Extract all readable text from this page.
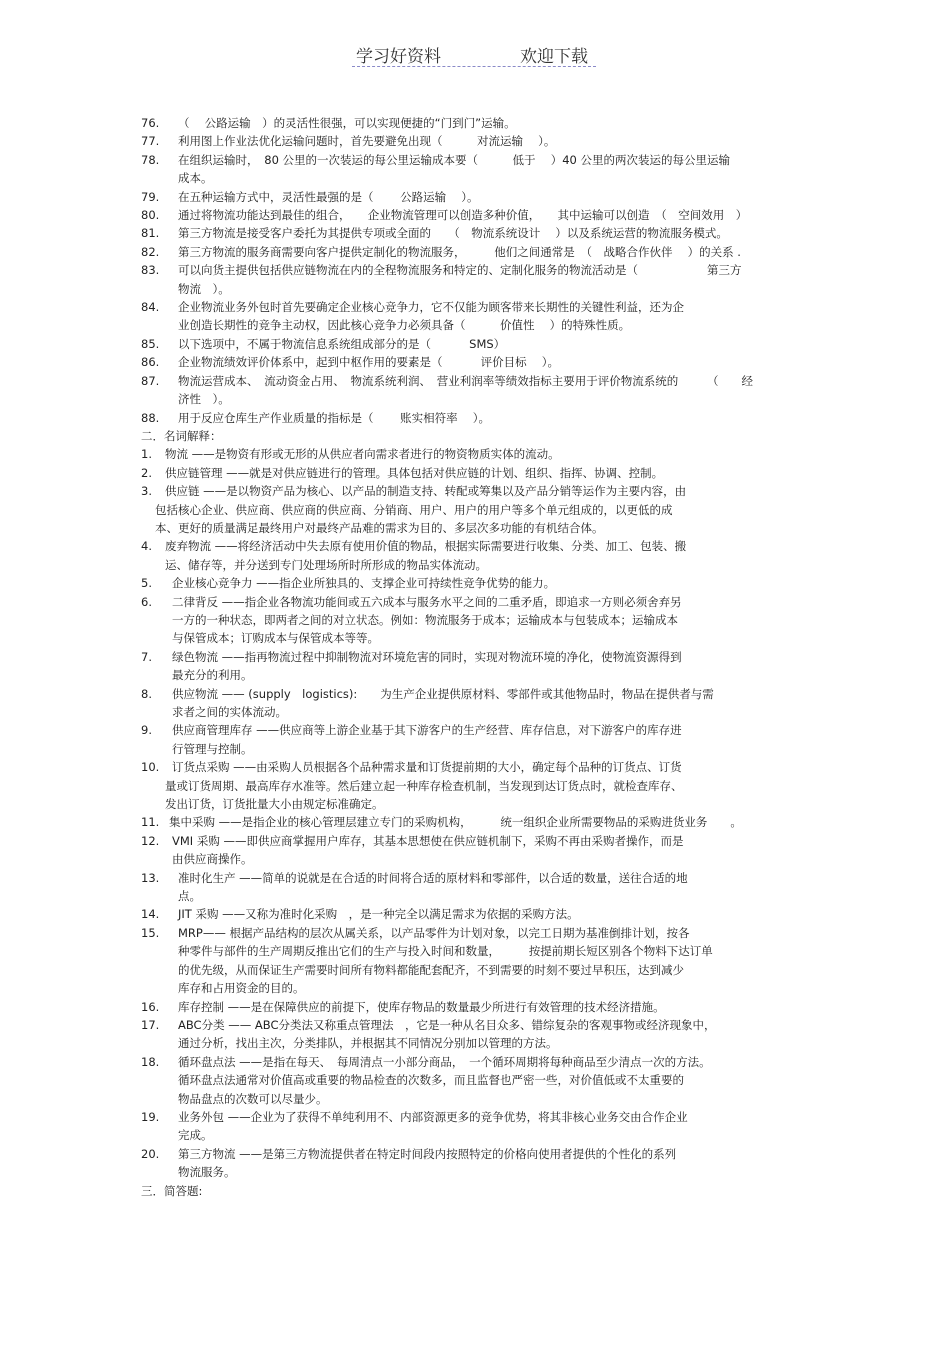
学习好资料	欢迎下载
76. （　 公路运输　）的灵活性很强，可以实现便捷的“门到门”运输。
77. 利用图上作业法优化运输问题时，首先要避免出现（　　　对流运输　 ）。
78. 在组织运输时，　80 公里的一次装运的每公里运输成本要（　　　低于　 ）40 公里的两次装运的每公里运输
成本。
79. 在五种运输方式中，灵活性最强的是（　　 公路运输　 ）。
80. 通过将物流功能达到最佳的组合，　　企业物流管理可以创造多种价值，　　其中运输可以创造　（　空间效用　）
81. 第三方物流是接受客户委托为其提供专项或全面的　　（　物流系统设计　 ）以及系统运营的物流服务模式。
82. 第三方物流的服务商需要向客户提供定制化的物流服务，　　　他们之间通常是　（　战略合作伙伴　 ）的关系 .
83. 可以向货主提供包括供应链物流在内的全程物流服务和特定的、定制化服务的物流活动是（　　　　　　第三方
物流　）。
84. 企业物流业务外包时首先要确定企业核心竞争力，它不仅能为顾客带来长期性的关键性利益，还为企
业创造长期性的竞争主动权，因此核心竞争力必须具备（　　　价值性　 ）的特殊性质。
85. 以下选项中，不属于物流信息系统组成部分的是（　　　 SMS）
86. 企业物流绩效评价体系中，起到中枢作用的要素是（　　　 评价目标　 ）。
87. 物流运营成本、　流动资金占用、　物流系统利润、　营业利润率等绩效指标主要用于评价物流系统的　　　（　　经
济性　）。
88. 用于反应仓库生产作业质量的指标是（　　 账实相符率　 ）。
二．名词解释：
1. 物流 ——是物资有形或无形的从供应者向需求者进行的物资物质实体的流动。
2. 供应链管理 ——就是对供应链进行的管理。具体包括对供应链的计划、组织、指挥、协调、控制。
3. 供应链 ——是以物资产品为核心、以产品的制造支持、转配或筹集以及产品分销等运作为主要内容，由
包括核心企业、供应商、供应商的供应商、分销商、用户、用户的用户等多个单元组成的，以更低的成
本、更好的质量满足最终用户对最终产品难的需求为目的、多层次多功能的有机结合体。
4. 废弃物流 ——将经济活动中失去原有使用价值的物品，根据实际需要进行收集、分类、加工、包装、搬
运、储存等，并分送到专门处理场所时所形成的物品实体流动。
5. 企业核心竞争力 ——指企业所独具的、支撑企业可持续性竞争优势的能力。
6. 二律背反 ——指企业各物流功能间或五六成本与服务水平之间的二重矛盾，即追求一方则必须舍弃另
一方的一种状态，即两者之间的对立状态。例如：物流服务于成本；运输成本与包装成本；运输成本
与保管成本；订购成本与保管成本等等。
7. 绿色物流 ——指再物流过程中抑制物流对环境危害的同时，实现对物流环境的净化，使物流资源得到
最充分的利用。
8. 供应物流 —— (supply　logistics):　　为生产企业提供原材料、零部件或其他物品时，物品在提供者与需
求者之间的实体流动。
9. 供应商管理库存 ——供应商等上游企业基于其下游客户的生产经营、库存信息，对下游客户的库存进
行管理与控制。
10. 订货点采购 ——由采购人员根据各个品种需求量和订货提前期的大小，确定每个品种的订货点、订货
量或订货周期、最高库存水准等。然后建立起一种库存检查机制，当发现到达订货点时，就检查库存、
发出订货，订货批量大小由规定标准确定。
11. 集中采购 ——是指企业的核心管理层建立专门的采购机构，　　　统一组织企业所需要物品的采购进货业务　　。
12. VMI 采购 ——即供应商掌握用户库存，其基本思想使在供应链机制下，采购不再由采购者操作，而是
由供应商操作。
13. 准时化生产 ——简单的说就是在合适的时间将合适的原材料和零部件，以合适的数量，送往合适的地
点。
14. JIT 采购 ——又称为准时化采购　，是一种完全以满足需求为依据的采购方法。
15. MRP—— 根据产品结构的层次从属关系，以产品零件为计划对象，以完工日期为基准倒排计划，按各
种零件与部件的生产周期反推出它们的生产与投入时间和数量，　　　按提前期长短区别各个物料下达订单
的优先级，从而保证生产需要时间所有物料都能配套配齐，不到需要的时刻不要过早积压，达到减少
库存和占用资金的目的。
16. 库存控制 ——是在保障供应的前提下，使库存物品的数量最少所进行有效管理的技术经济措施。
17. ABC分类 —— ABC分类法又称重点管理法　，它是一种从名目众多、错综复杂的客观事物或经济现象中，
通过分析，找出主次，分类排队，并根据其不同情况分别加以管理的方法。
18. 循环盘点法 ——是指在每天、　每周清点一小部分商品，　一个循环周期将每种商品至少清点一次的方法。
循环盘点法通常对价值高或重要的物品检查的次数多，而且监督也严密一些，对价值低或不太重要的
物品盘点的次数可以尽量少。
19. 业务外包 ——企业为了获得不单纯利用不、内部资源更多的竞争优势，将其非核心业务交由合作企业
完成。
20. 第三方物流 ——是第三方物流提供者在特定时间段内按照特定的价格向使用者提供的个性化的系列
物流服务。
三．简答题:
